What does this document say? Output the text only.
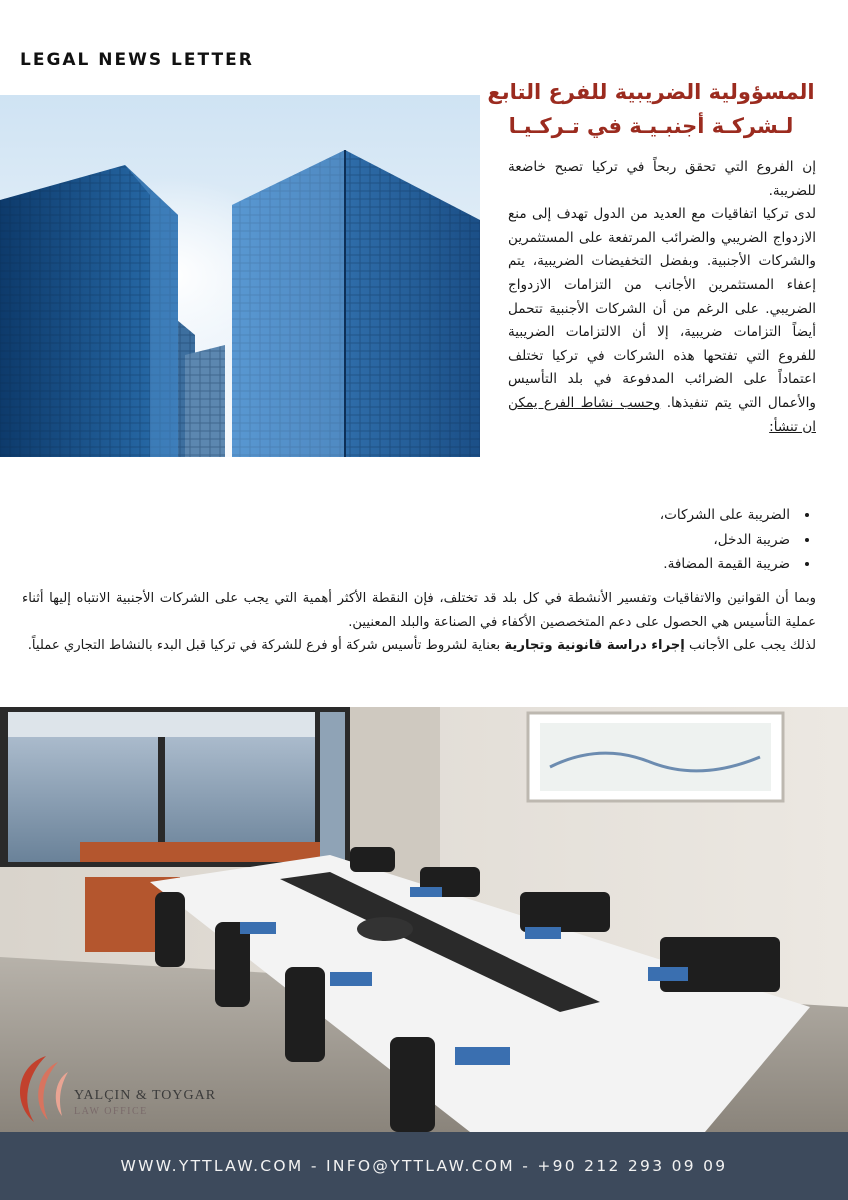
LEGAL NEWS LETTER
المسؤولية الضريبية للفرع التابع
لـشركـة أجنبـيـة في تـركـيـا

إن الفروع التي تحقق ربحاً في تركيا تصبح خاضعة للضريبة.

لدى تركيا اتفاقيات مع العديد من الدول تهدف إلى منع الازدواج الضريبي والضرائب المرتفعة على المستثمرين والشركات الأجنبية. وبفضل التخفيضات الضريبية، يتم إعفاء المستثمرين الأجانب من التزامات الازدواج الضريبي. على الرغم من أن الشركات الأجنبية تتحمل أيضاً التزامات ضريبية، إلا أن الالتزامات الضريبية للفروع التي تفتحها هذه الشركات في تركيا تختلف اعتماداً على الضرائب المدفوعة في بلد التأسيس والأعمال التي يتم تنفيذها. وحسب نشاط الفرع يمكن ان تنشأ:

• الضريبة على الشركات،
• ضريبة الدخل،
• ضريبة القيمة المضافة.

وبما أن القوانين والاتفاقيات وتفسير الأنشطة في كل بلد قد تختلف، فإن النقطة الأكثر أهمية التي يجب على الشركات الأجنبية الانتباه إليها أثناء عملية التأسيس هي الحصول على دعم المتخصصين الأكفاء في الصناعة والبلد المعنيين.

لذلك يجب على الأجانب إجراء دراسة قانونية وتجارية بعناية لشروط تأسيس شركة أو فرع للشركة في تركيا قبل البدء بالنشاط التجاري عملياً.

YALÇIN & TOYGAR
LAW OFFICE
WWW.YTTLAW.COM - INFO@YTTLAW.COM - +90 212 293 09 09
